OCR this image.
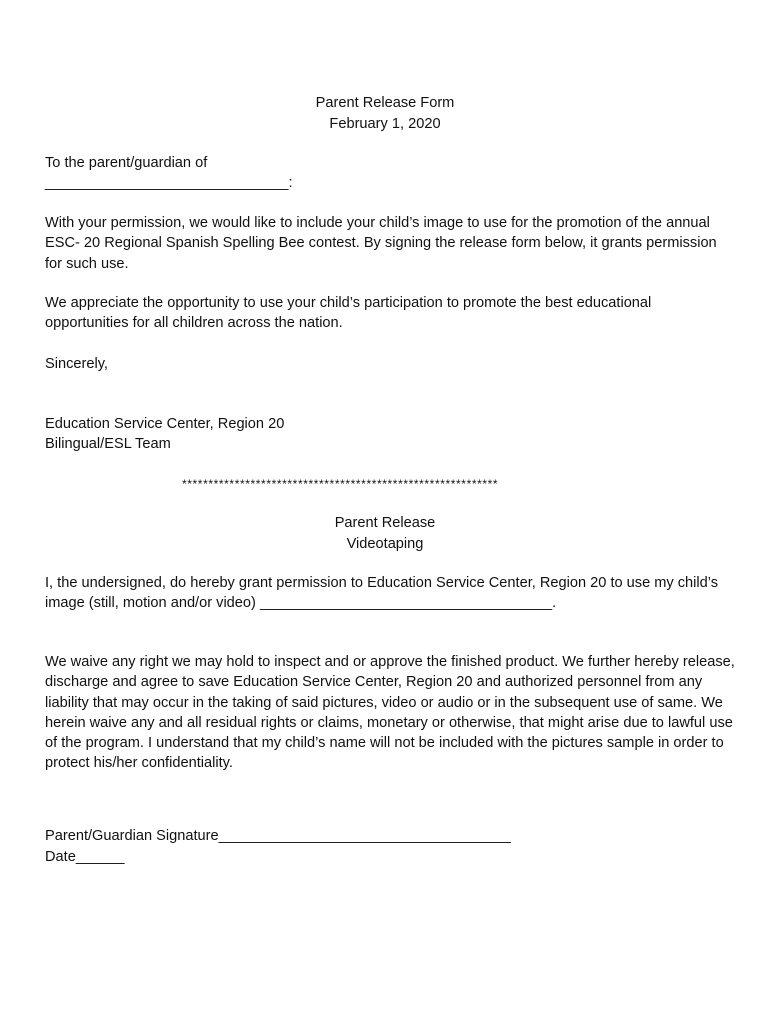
Parent Release Form

February 1, 2020

To the parent/guardian of

______________________________:

With your permission, we would like to include your child’s image to use for the promotion of the annual ESC- 20 Regional Spanish Spelling Bee contest. By signing the release form below, it grants permission for such use.

We appreciate the opportunity to use your child’s participation to promote the best educational opportunities for all children across the nation.

Sincerely,

Education Service Center, Region 20

Bilingual/ESL Team

************************************************************

Parent Release

Videotaping

I, the undersigned, do hereby grant permission to Education Service Center, Region 20 to use my child’s image (still, motion and/or video) ____________________________________.

We waive any right we may hold to inspect and or approve the finished product. We further hereby release, discharge and agree to save Education Service Center, Region 20 and authorized personnel from any liability that may occur in the taking of said pictures, video or audio or in the subsequent use of same. We herein waive any and all residual rights or claims, monetary or otherwise, that might arise due to lawful use of the program. I understand that my child’s name will not be included with the pictures sample in order to protect his/her confidentiality.

Parent/Guardian Signature____________________________________

Date______
